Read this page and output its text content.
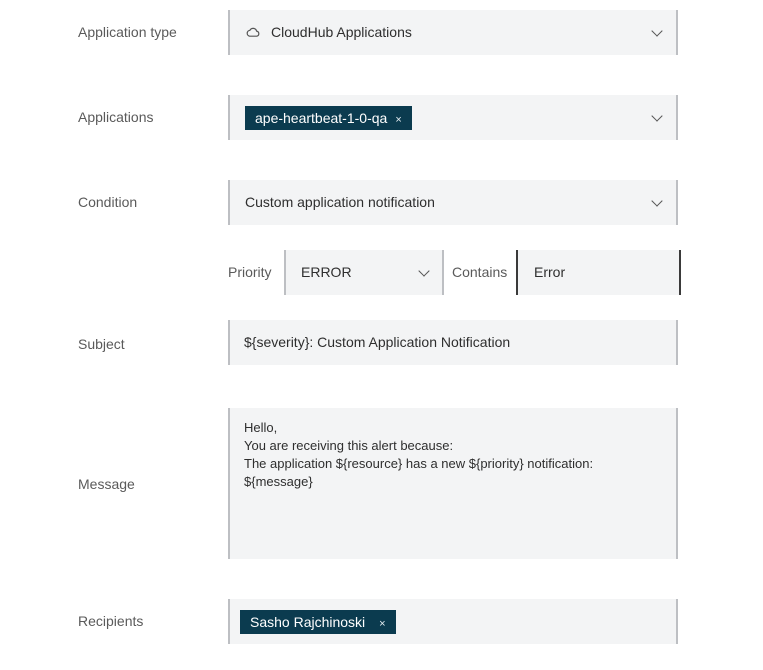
Application type	CloudHub Applications
Applications	ape-heartbeat-1-0-qa ×
Condition	Custom application notification
Priority ERROR	Contains Error
Subject	${severity}: Custom Application Notification
Message
Hello,
You are receiving this alert because:
The application ${resource} has a new ${priority} notification:
${message}
Recipients	Sasho Rajchinoski ×
